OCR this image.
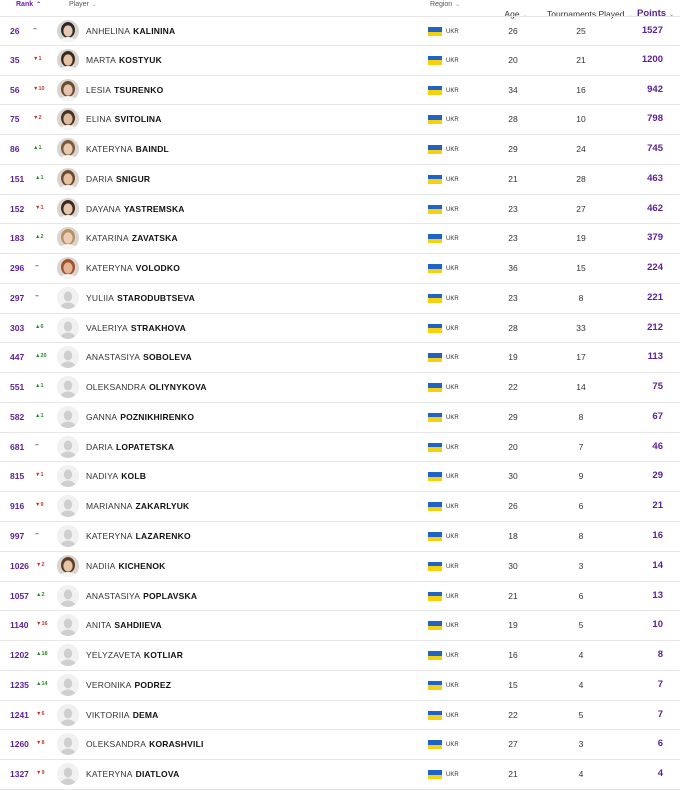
Rank ⌃	Player ⌄	Region ⌄
Age ⌄ Tournaments Played ⌄ Points ⌄
26 –	ANHELINA KALININA	UKR	26	25	1527
35 ▼1	MARTA KOSTYUK	UKR	20	21	1200
56 ▼10	LESIA TSURENKO	UKR	34	16	942
75 ▼2	ELINA SVITOLINA	UKR	28	10	798
86 ▲1	KATERYNA BAINDL	UKR	29	24	745
151 ▲1	DARIA SNIGUR	UKR	21	28	463
152 ▼1	DAYANA YASTREMSKA	UKR	23	27	462
183 ▲2	KATARINA ZAVATSKA	UKR	23	19	379
296 –	KATERYNA VOLODKO	UKR	36	15	224
297 –	YULIIA STARODUBTSEVA	UKR	23	8	221
303 ▲6	VALERIYA STRAKHOVA	UKR	28	33	212
447 ▲20	ANASTASIYA SOBOLEVA	UKR	19	17	113
551 ▲1	OLEKSANDRA OLIYNYKOVA	UKR	22	14	75
582 ▲1	GANNA POZNIKHIRENKO	UKR	29	8	67
681 –	DARIA LOPATETSKA	UKR	20	7	46
815 ▼1	NADIYA KOLB	UKR	30	9	29
916 ▼9	MARIANNA ZAKARLYUK	UKR	26	6	21
997 –	KATERYNA LAZARENKO	UKR	18	8	16
1026 ▼2	NADIIA KICHENOK	UKR	30	3	14
1057 ▲2	ANASTASIYA POPLAVSKA	UKR	21	6	13
1140 ▼16	ANITA SAHDIIEVA	UKR	19	5	10
1202 ▲18	YELYZAVETA KOTLIAR	UKR	16	4	8
1235 ▲14	VERONIKA PODREZ	UKR	15	4	7
1241 ▼6	VIKTORIIA DEMA	UKR	22	5	7
1260 ▼8	OLEKSANDRA KORASHVILI	UKR	27	3	6
1327 ▼9	KATERYNA DIATLOVA	UKR	21	4	4
